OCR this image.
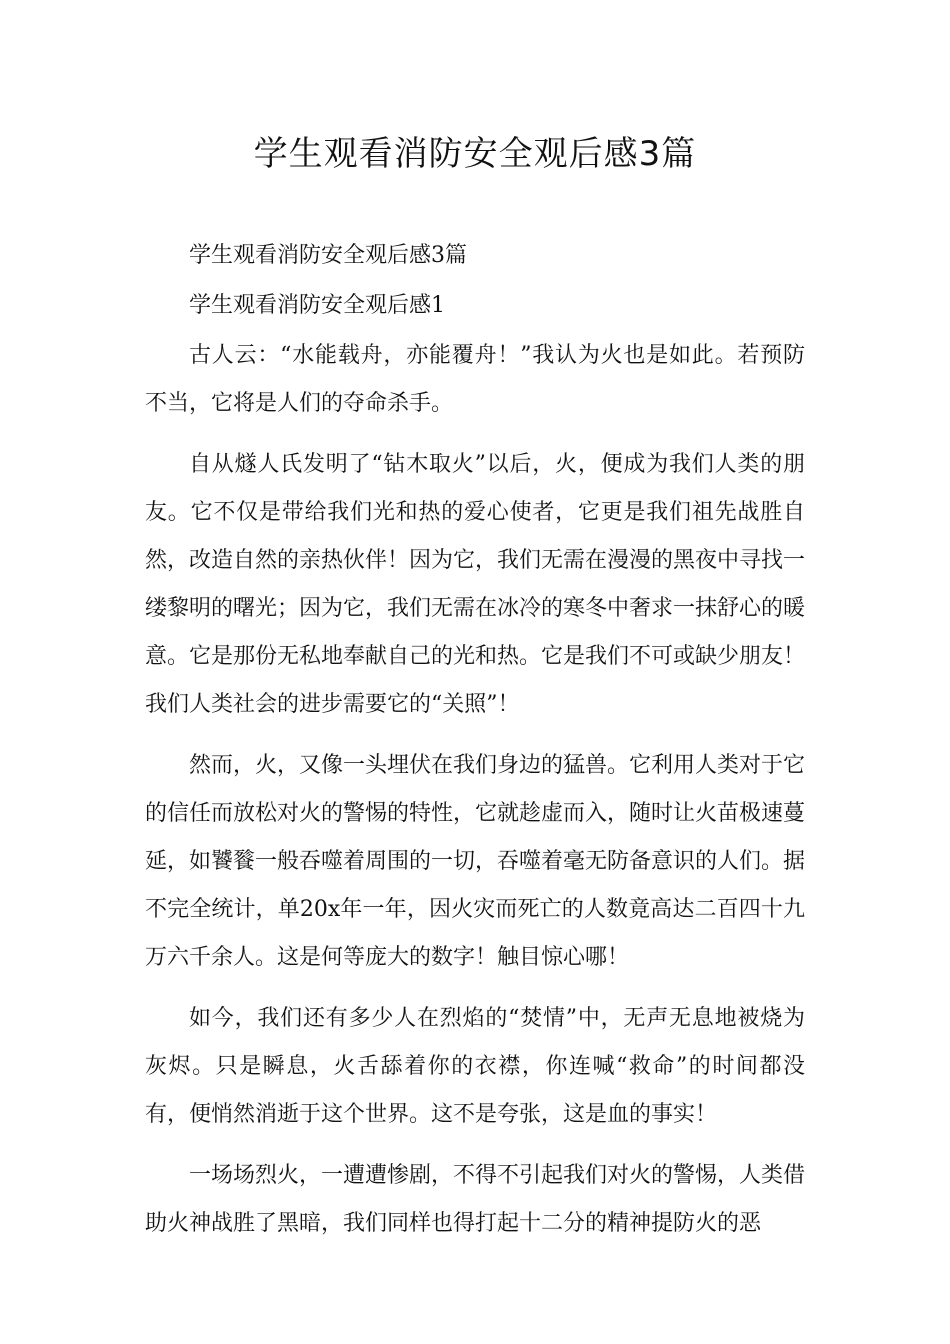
学生观看消防安全观后感3篇

学生观看消防安全观后感3篇

学生观看消防安全观后感1

古人云：“水能载舟，亦能覆舟！”我认为火也是如此。若预防不当，它将是人们的夺命杀手。

自从燧人氏发明了“钻木取火”以后，火，便成为我们人类的朋友。它不仅是带给我们光和热的爱心使者，它更是我们祖先战胜自然，改造自然的亲热伙伴！因为它，我们无需在漫漫的黑夜中寻找一缕黎明的曙光；因为它，我们无需在冰冷的寒冬中奢求一抹舒心的暖意。它是那份无私地奉献自己的光和热。它是我们不可或缺少朋友！我们人类社会的进步需要它的“关照”！

然而，火，又像一头埋伏在我们身边的猛兽。它利用人类对于它的信任而放松对火的警惕的特性，它就趁虚而入，随时让火苗极速蔓延，如饕餮一般吞噬着周围的一切，吞噬着毫无防备意识的人们。据不完全统计，单20x年一年，因火灾而死亡的人数竟高达二百四十九万六千余人。这是何等庞大的数字！触目惊心哪！

如今，我们还有多少人在烈焰的“焚情”中，无声无息地被烧为灰烬。只是瞬息，火舌舔着你的衣襟，你连喊“救命”的时间都没有，便悄然消逝于这个世界。这不是夸张，这是血的事实！

一场场烈火，一遭遭惨剧，不得不引起我们对火的警惕，人类借助火神战胜了黑暗，我们同样也得打起十二分的精神提防火的恶
